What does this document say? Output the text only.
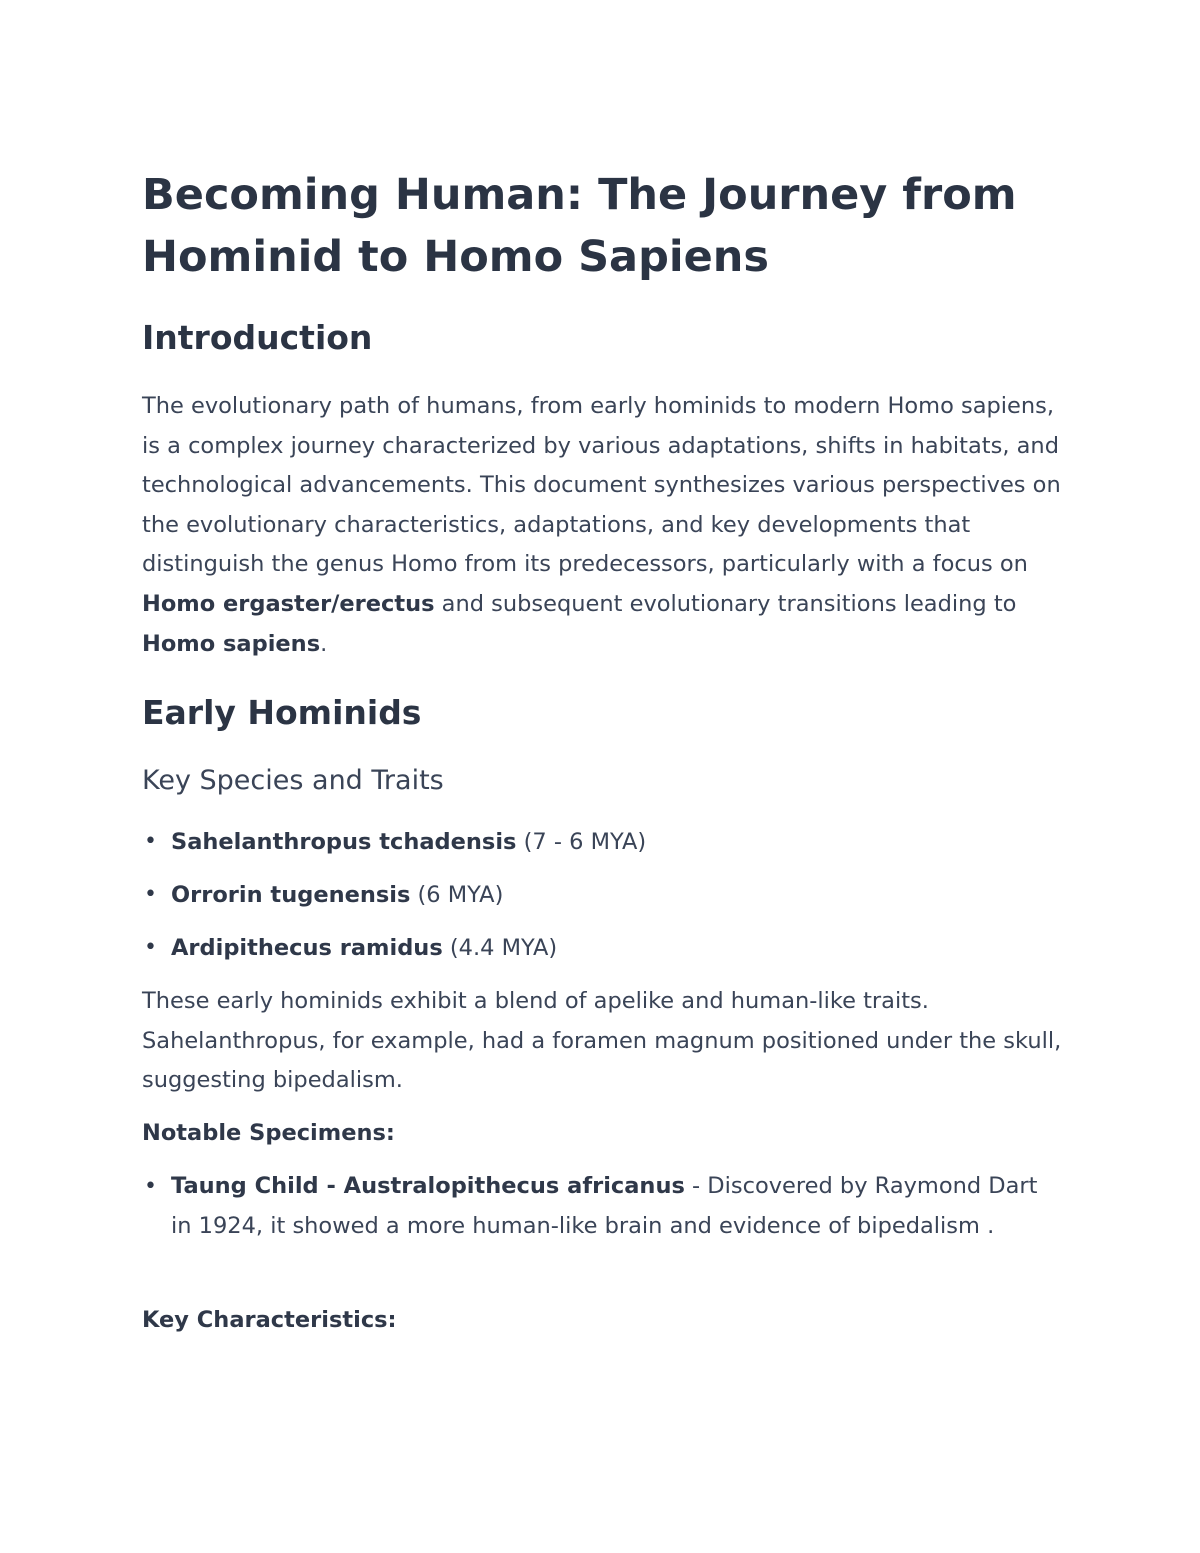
Becoming Human: The Journey from Hominid to Homo Sapiens
Introduction

The evolutionary path of humans, from early hominids to modern Homo sapiens, is a complex journey characterized by various adaptations, shifts in habitats, and technological advancements. This document synthesizes various perspectives on the evolutionary characteristics, adaptations, and key developments that distinguish the genus Homo from its predecessors, particularly with a focus on Homo ergaster/erectus and subsequent evolutionary transitions leading to Homo sapiens.

Early Hominids
Key Species and Traits
• Sahelanthropus tchadensis (7 - 6 MYA)
• Orrorin tugenensis (6 MYA)
• Ardipithecus ramidus (4.4 MYA)

These early hominids exhibit a blend of apelike and human-like traits. Sahelanthropus, for example, had a foramen magnum positioned under the skull, suggesting bipedalism.

Notable Specimens:
• Taung Child - Australopithecus africanus - Discovered by Raymond Dart in 1924, it showed a more human-like brain and evidence of bipedalism .
Key Characteristics:
